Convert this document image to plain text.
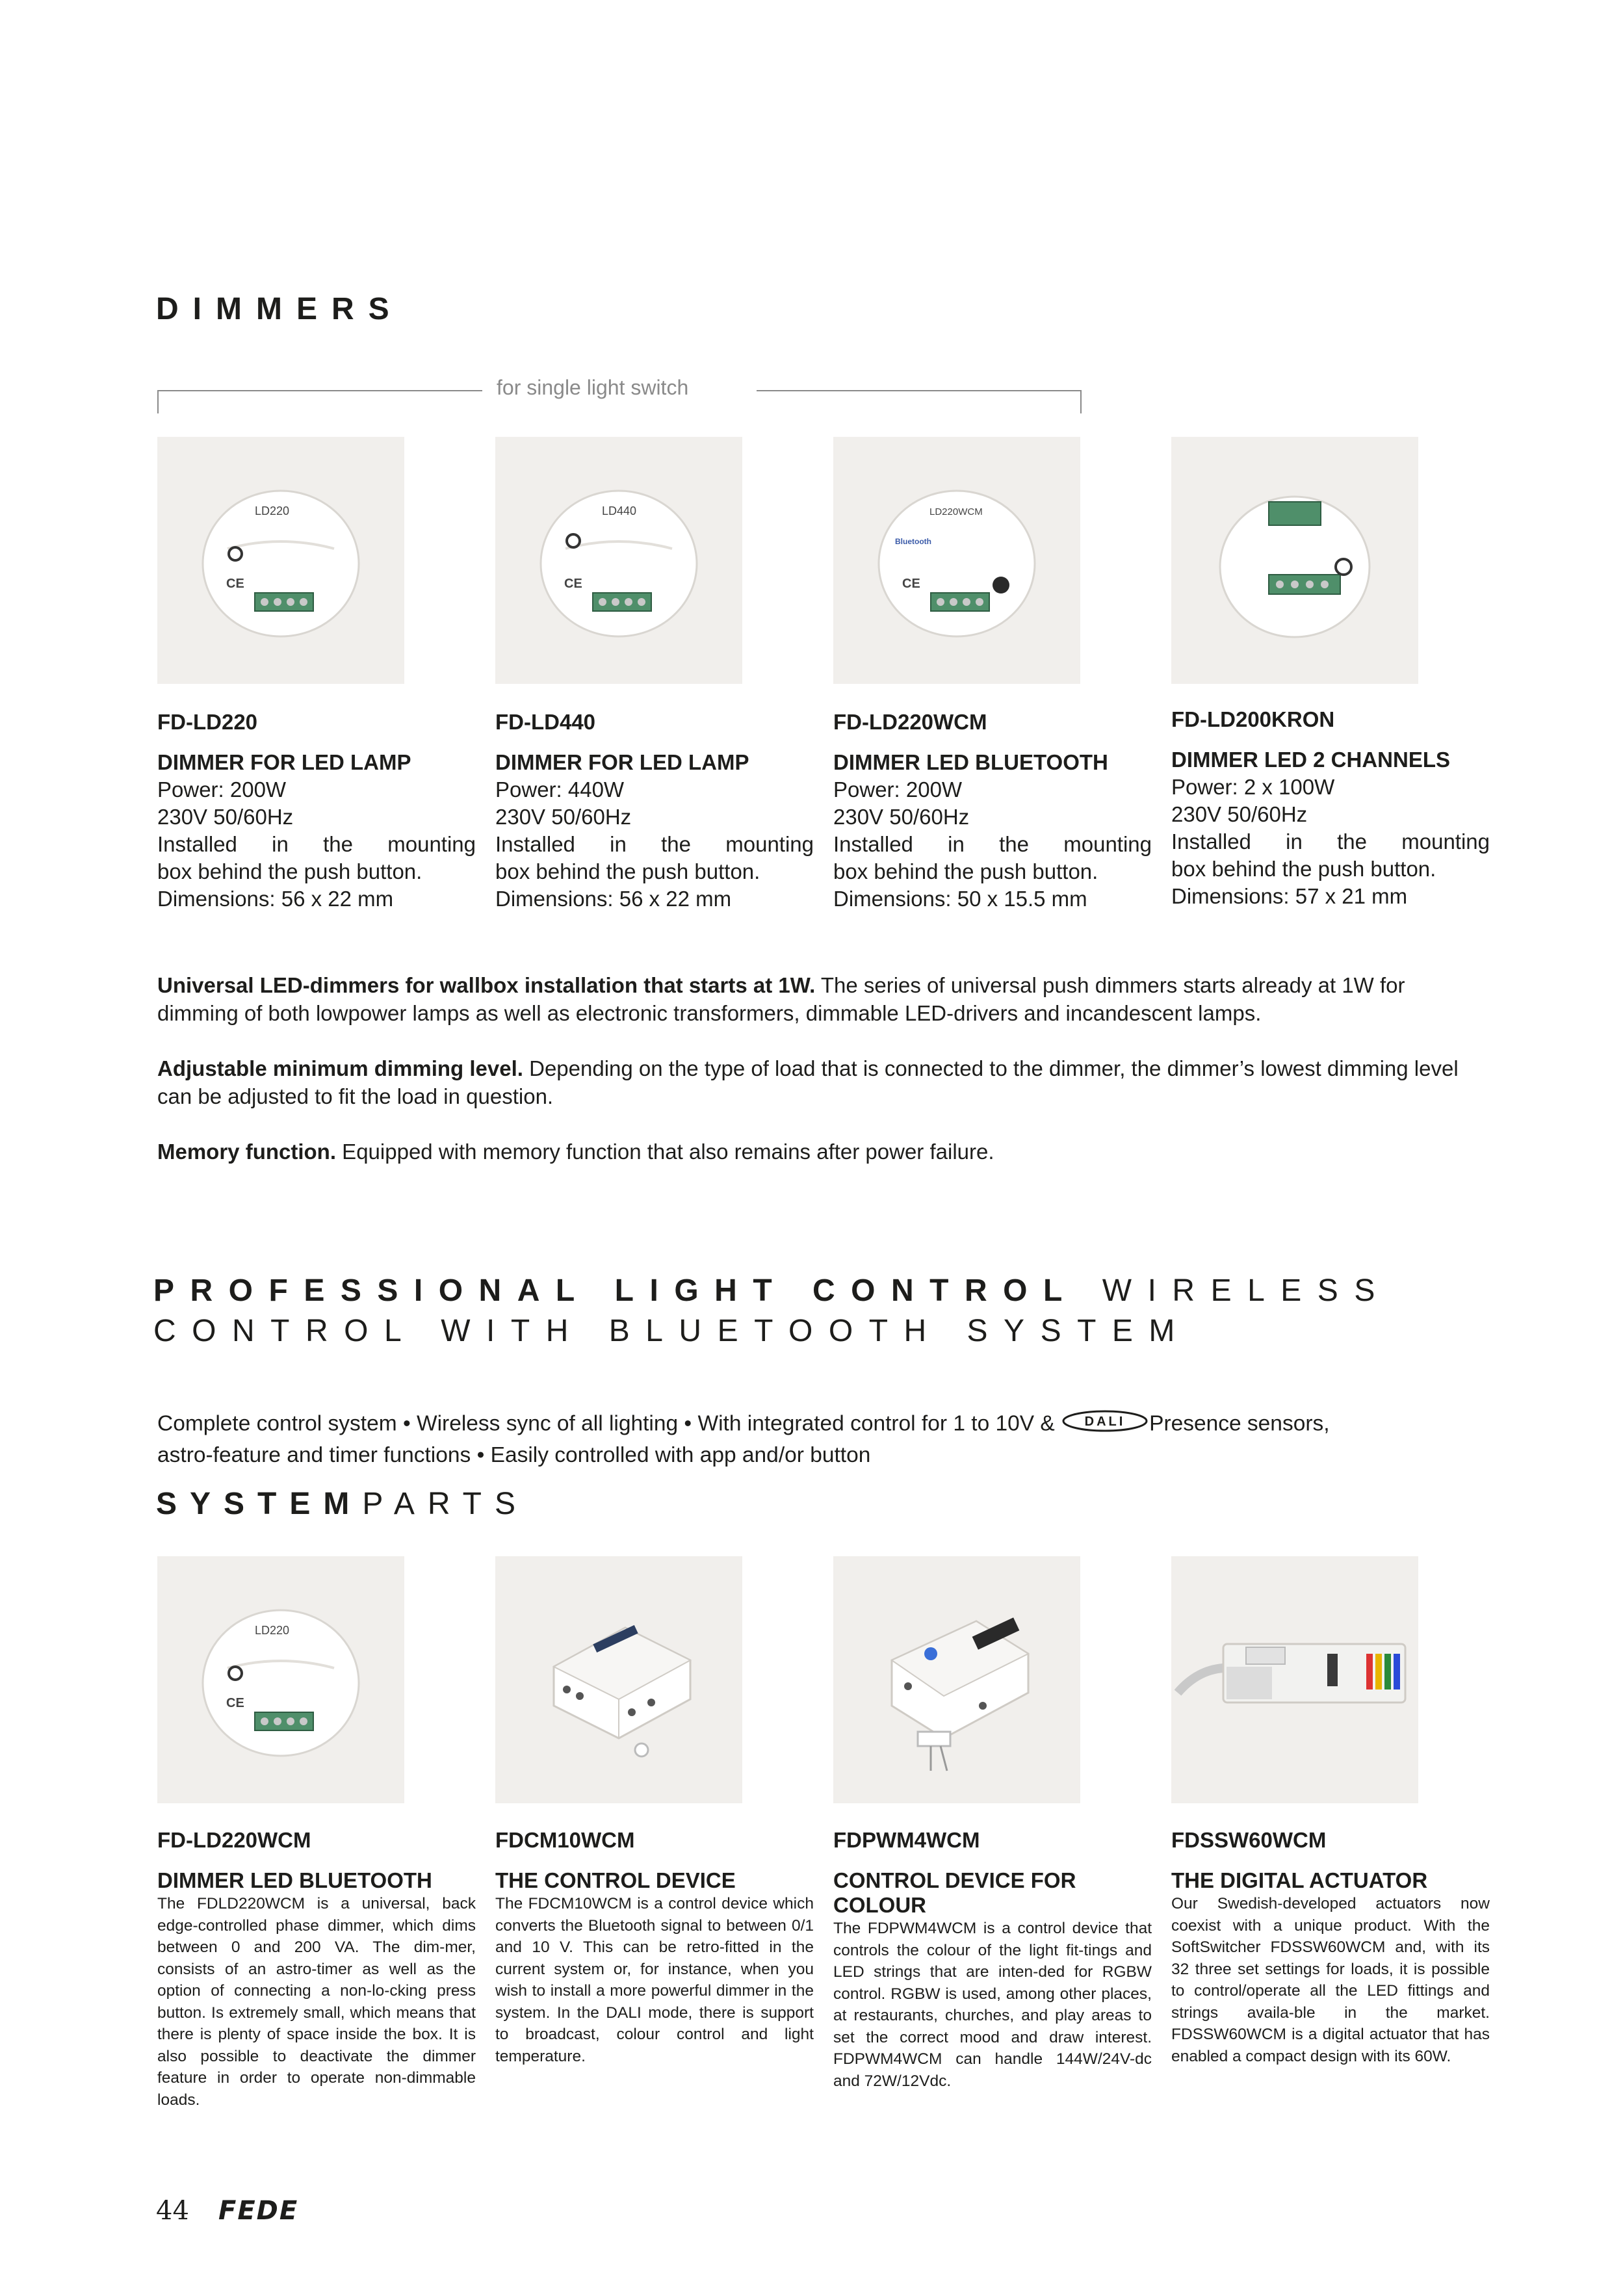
DIMMERS
for single light switch
LD220
CE
LD440
CE
LD220WCM
Bluetooth
CE
FD-LD220
DIMMER FOR LED LAMP
Power: 200W
230V 50/60Hz
Installed in the mounting
box behind the push button.
Dimensions: 56 x 22 mm
FD-LD440
DIMMER FOR LED LAMP
Power: 440W
230V 50/60Hz
Installed in the mounting
box behind the push button.
Dimensions: 56 x 22 mm
FD-LD220WCM
DIMMER LED BLUETOOTH
Power: 200W
230V 50/60Hz
Installed in the mounting
box behind the push button.
Dimensions: 50 x 15.5 mm
FD-LD200KRON
DIMMER LED 2 CHANNELS
Power: 2 x 100W
230V 50/60Hz
Installed in the mounting
box behind the push button.
Dimensions: 57 x 21 mm
Universal LED-dimmers for wallbox installation that starts at 1W. The series of universal push dimmers starts already at 1W for dimming of both lowpower lamps as well as electronic transformers, dimmable LED-drivers and incandescent lamps.
Adjustable minimum dimming level. Depending on the type of load that is connected to the dimmer, the dimmer’s lowest dimming level can be adjusted to fit the load in question.
Memory function. Equipped with memory function that also remains after power failure.
PROFESSIONAL LIGHT CONTROL WIRELESS
CONTROL WITH BLUETOOTH SYSTEM
Complete control system • Wireless sync of all lighting • With integrated control for 1 to 10V & DALI Presence sensors,
astro-feature and timer functions • Easily controlled with app and/or button
SYSTEMPARTS
LD220
CE
FD-LD220WCM
DIMMER LED BLUETOOTH
The FDLD220WCM is a universal, back edge-controlled phase dimmer, which dims between 0 and 200 VA. The dim-mer, consists of an astro-timer as well as the option of connecting a non-lo-cking press button. Is extremely small, which means that there is plenty of space inside the box. It is also possible to deactivate the dimmer feature in order to operate non-dimmable loads.
FDCM10WCM
THE CONTROL DEVICE
The FDCM10WCM is a control device which converts the Bluetooth signal to between 0/1 and 10 V. This can be retro-fitted in the current system or, for instance, when you wish to install a more powerful dimmer in the system. In the DALI mode, there is support to broadcast, colour control and light temperature.
FDPWM4WCM
CONTROL DEVICE FOR
COLOUR
The FDPWM4WCM is a control device that controls the colour of the light fit-tings and LED strings that are inten-ded for RGBW control. RGBW is used, among other places, at restaurants, churches, and play areas to set the correct mood and draw interest. FDPWM4WCM can handle 144W/24V-dc and 72W/12Vdc.
FDSSW60WCM
THE DIGITAL ACTUATOR
Our Swedish-developed actuators now coexist with a unique product. With the SoftSwitcher FDSSW60WCM and, with its 32 three set settings for loads, it is possible to control/operate all the LED fittings and strings availa-ble in the market. FDSSW60WCM is a digital actuator that has enabled a compact design with its 60W.
44 FEDE
